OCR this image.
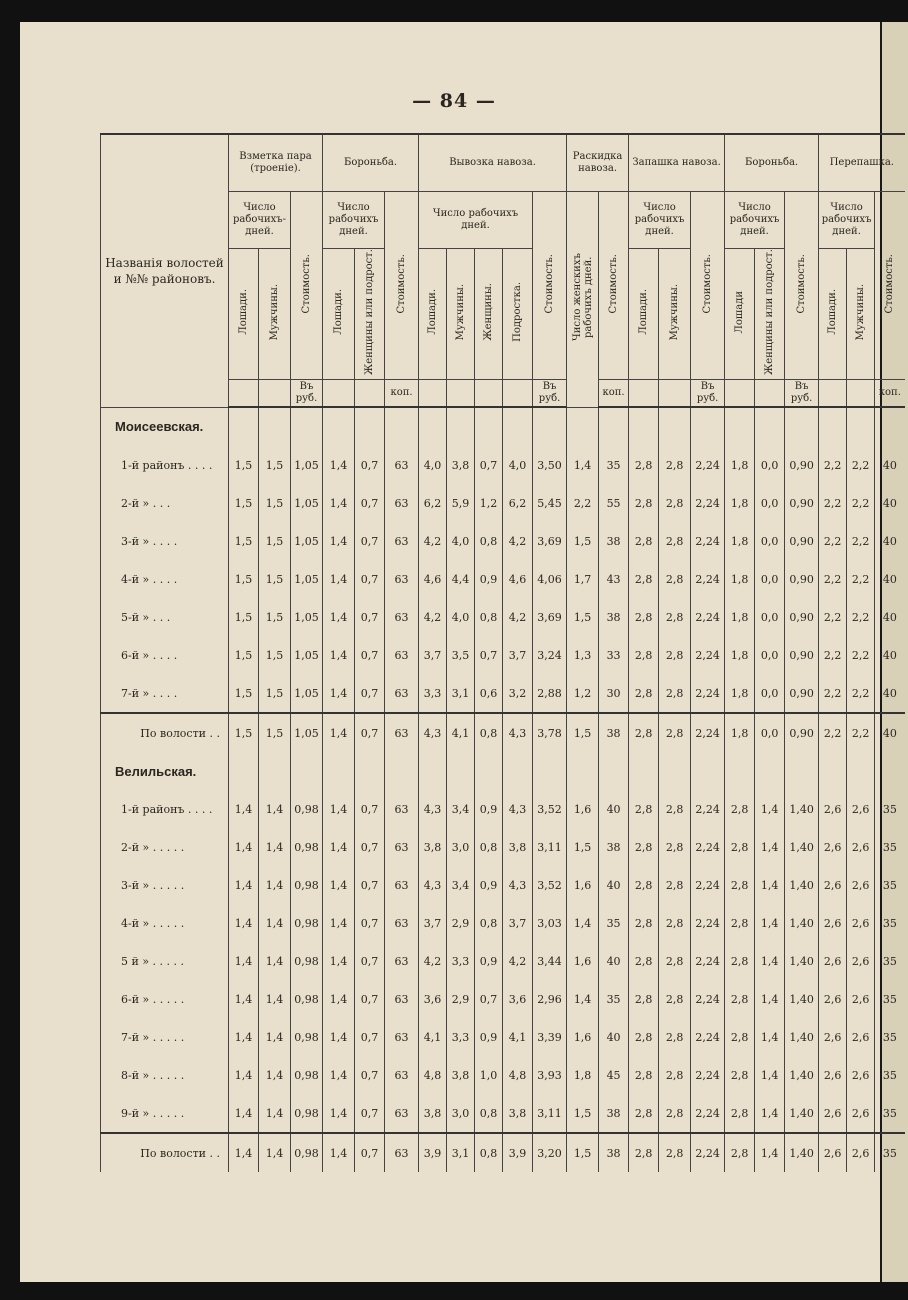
— 84 —
Названія волостей и №№ районовъ.	Взметка пара (троеніе).			Бороньба.			Вывозка навоза.					Раскидка навоза.		Запашка навоза.			Бороньба.			Перепашка.		
	Число рабочихъ-дней.		Стоимость.	Число рабочихъ дней.		Стоимость.	Число рабочихъ дней.				Стоимость.	Число женскихъ рабочихъ дней.	Стоимость.	Число рабочихъ дней.		Стоимость.	Число рабочихъ дней.		Стоимость.	Число рабочихъ дней.		Стоимость.
	Лошади.	Мужчины.		Лошади.	Женщины или подрост.		Лошади.	Мужчины.	Женщины.	Подростка.				Лошади.	Мужчины.		Лошади	Женщины или подрост.		Лошади.	Мужчины.	
			Въ руб.			коп.					Въ руб.		коп.			Въ руб.			Въ руб.			коп.
Моисеевская.																						
1-й районъ . . . .	1,5	1,5	1,05	1,4	0,7	63	4,0	3,8	0,7	4,0	3,50	1,4	35	2,8	2,8	2,24	1,8	0,0	0,90	2,2	2,2	40
2-й » . . .	1,5	1,5	1,05	1,4	0,7	63	6,2	5,9	1,2	6,2	5,45	2,2	55	2,8	2,8	2,24	1,8	0,0	0,90	2,2	2,2	40
3-й » . . . .	1,5	1,5	1,05	1,4	0,7	63	4,2	4,0	0,8	4,2	3,69	1,5	38	2,8	2,8	2,24	1,8	0,0	0,90	2,2	2,2	40
4-й » . . . .	1,5	1,5	1,05	1,4	0,7	63	4,6	4,4	0,9	4,6	4,06	1,7	43	2,8	2,8	2,24	1,8	0,0	0,90	2,2	2,2	40
5-й » . . .	1,5	1,5	1,05	1,4	0,7	63	4,2	4,0	0,8	4,2	3,69	1,5	38	2,8	2,8	2,24	1,8	0,0	0,90	2,2	2,2	40
6-й » . . . .	1,5	1,5	1,05	1,4	0,7	63	3,7	3,5	0,7	3,7	3,24	1,3	33	2,8	2,8	2,24	1,8	0,0	0,90	2,2	2,2	40
7-й » . . . .	1,5	1,5	1,05	1,4	0,7	63	3,3	3,1	0,6	3,2	2,88	1,2	30	2,8	2,8	2,24	1,8	0,0	0,90	2,2	2,2	40
По волости . .	1,5	1,5	1,05	1,4	0,7	63	4,3	4,1	0,8	4,3	3,78	1,5	38	2,8	2,8	2,24	1,8	0,0	0,90	2,2	2,2	40
Велильская.																						
1-й районъ . . . .	1,4	1,4	0,98	1,4	0,7	63	4,3	3,4	0,9	4,3	3,52	1,6	40	2,8	2,8	2,24	2,8	1,4	1,40	2,6	2,6	35
2-й » . . . . .	1,4	1,4	0,98	1,4	0,7	63	3,8	3,0	0,8	3,8	3,11	1,5	38	2,8	2,8	2,24	2,8	1,4	1,40	2,6	2,6	35
3-й » . . . . .	1,4	1,4	0,98	1,4	0,7	63	4,3	3,4	0,9	4,3	3,52	1,6	40	2,8	2,8	2,24	2,8	1,4	1,40	2,6	2,6	35
4-й » . . . . .	1,4	1,4	0,98	1,4	0,7	63	3,7	2,9	0,8	3,7	3,03	1,4	35	2,8	2,8	2,24	2,8	1,4	1,40	2,6	2,6	35
5 й » . . . . .	1,4	1,4	0,98	1,4	0,7	63	4,2	3,3	0,9	4,2	3,44	1,6	40	2,8	2,8	2,24	2,8	1,4	1,40	2,6	2,6	35
6-й » . . . . .	1,4	1,4	0,98	1,4	0,7	63	3,6	2,9	0,7	3,6	2,96	1,4	35	2,8	2,8	2,24	2,8	1,4	1,40	2,6	2,6	35
7-й » . . . . .	1,4	1,4	0,98	1,4	0,7	63	4,1	3,3	0,9	4,1	3,39	1,6	40	2,8	2,8	2,24	2,8	1,4	1,40	2,6	2,6	35
8-й » . . . . .	1,4	1,4	0,98	1,4	0,7	63	4,8	3,8	1,0	4,8	3,93	1,8	45	2,8	2,8	2,24	2,8	1,4	1,40	2,6	2,6	35
9-й » . . . . .	1,4	1,4	0,98	1,4	0,7	63	3,8	3,0	0,8	3,8	3,11	1,5	38	2,8	2,8	2,24	2,8	1,4	1,40	2,6	2,6	35
По волости . .	1,4	1,4	0,98	1,4	0,7	63	3,9	3,1	0,8	3,9	3,20	1,5	38	2,8	2,8	2,24	2,8	1,4	1,40	2,6	2,6	35
